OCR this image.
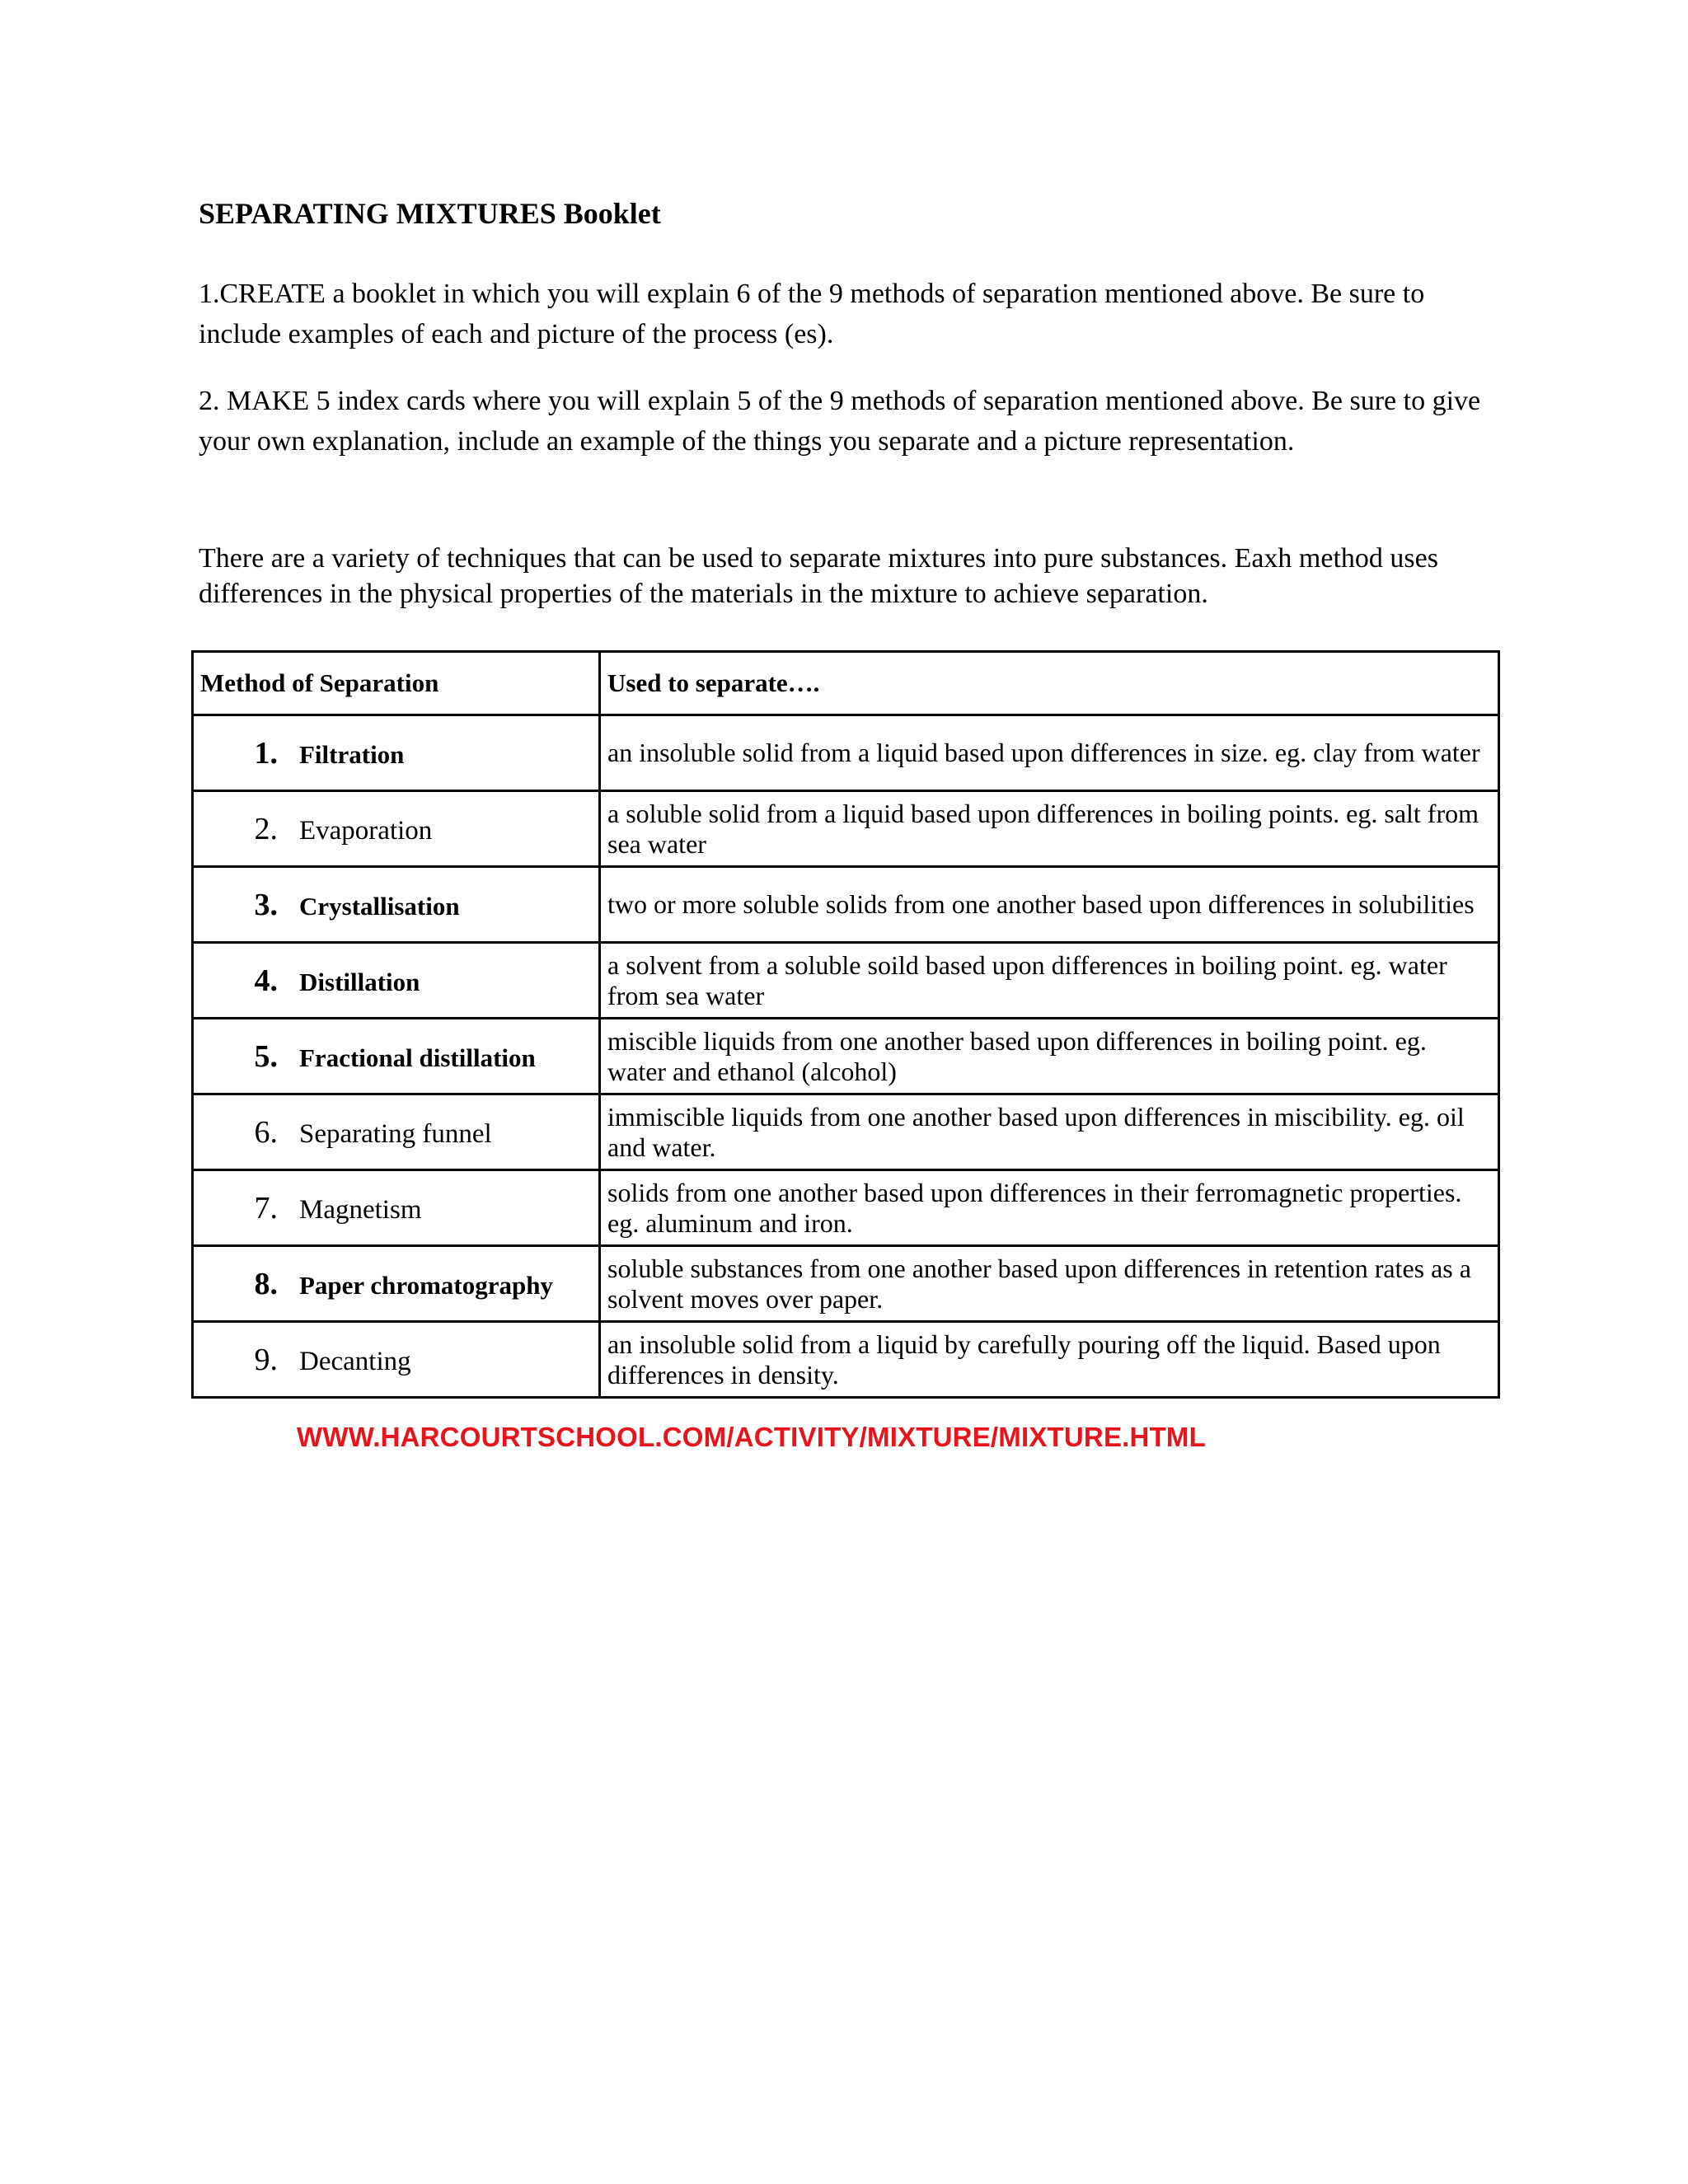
SEPARATING MIXTURES Booklet

1.CREATE a booklet in which you will explain 6 of the 9 methods of separation mentioned above. Be sure to include examples of each and picture of the process (es).

2. MAKE 5 index cards where you will explain 5 of the 9 methods of separation mentioned above. Be sure to give your own explanation, include an example of the things you separate and a picture representation.

There are a variety of techniques that can be used to separate mixtures into pure substances. Eaxh method uses differences in the physical properties of the materials in the mixture to achieve separation.

Method of Separation	Used to separate….
1. Filtration	an insoluble solid from a liquid based upon differences in size. eg. clay from water
2. Evaporation	a soluble solid from a liquid based upon differences in boiling points. eg. salt from sea water
3. Crystallisation	two or more soluble solids from one another based upon differences in solubilities
4. Distillation	a solvent from a soluble soild based upon differences in boiling point. eg. water from sea water
5. Fractional distillation	miscible liquids from one another based upon differences in boiling point. eg. water and ethanol (alcohol)
6. Separating funnel	immiscible liquids from one another based upon differences in miscibility. eg. oil and water.
7. Magnetism	solids from one another based upon differences in their ferromagnetic properties. eg. aluminum and iron.
8. Paper chromatography	soluble substances from one another based upon differences in retention rates as a solvent moves over paper.
9. Decanting	an insoluble solid from a liquid by carefully pouring off the liquid. Based upon differences in density.
WWW.HARCOURTSCHOOL.COM/ACTIVITY/MIXTURE/MIXTURE.HTML
